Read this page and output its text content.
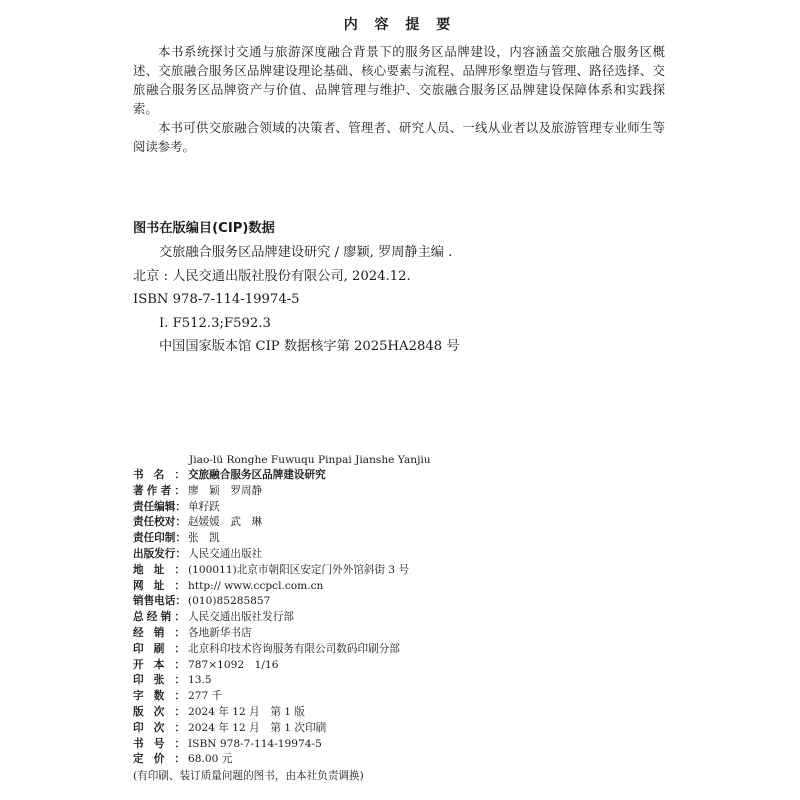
内 容 提 要

本书系统探讨交通与旅游深度融合背景下的服务区品牌建设，内容涵盖交旅融合服务区概述、交旅融合服务区品牌建设理论基础、核心要素与流程、品牌形象塑造与管理、路径选择、交旅融合服务区品牌资产与价值、品牌管理与维护、交旅融合服务区品牌建设保障体系和实践探索。

本书可供交旅融合领域的决策者、管理者、研究人员、一线从业者以及旅游管理专业师生等阅读参考。

图书在版编目(CIP)数据
交旅融合服务区品牌建设研究 / 廖颖, 罗周静主编 .
北京 : 人民交通出版社股份有限公司, 2024.12.
ISBN 978-7-114-19974-5
Ⅰ. F512.3;F592.3
中国国家版本馆 CIP 数据核字第 2025HA2848 号
Jiao-lü Ronghe Fuwuqu Pinpai Jianshe Yanjiu
书 名 ： 交旅融合服务区品牌建设研究
著 作 者 ： 廖　颖　罗周静
责任编辑 ： 单籽跃
责任校对 ： 赵媛媛　武　琳
责任印制 ： 张　凯
出版发行 ： 人民交通出版社
地 址 ： (100011)北京市朝阳区安定门外外馆斜街 3 号
网 址 ： http:// www.ccpcl.com.cn
销售电话 ： (010)85285857
总 经 销 ： 人民交通出版社发行部
经 销 ： 各地新华书店
印 刷 ： 北京科印技术咨询服务有限公司数码印刷分部
开 本 ： 787×1092　1/16
印 张 ： 13.5
字 数 ： 277 千
版 次 ： 2024 年 12 月　第 1 版
印 次 ： 2024 年 12 月　第 1 次印刷
书 号 ： ISBN 978-7-114-19974-5
定 价 ： 68.00 元
(有印刷、装订质量问题的图书，由本社负责调换)
